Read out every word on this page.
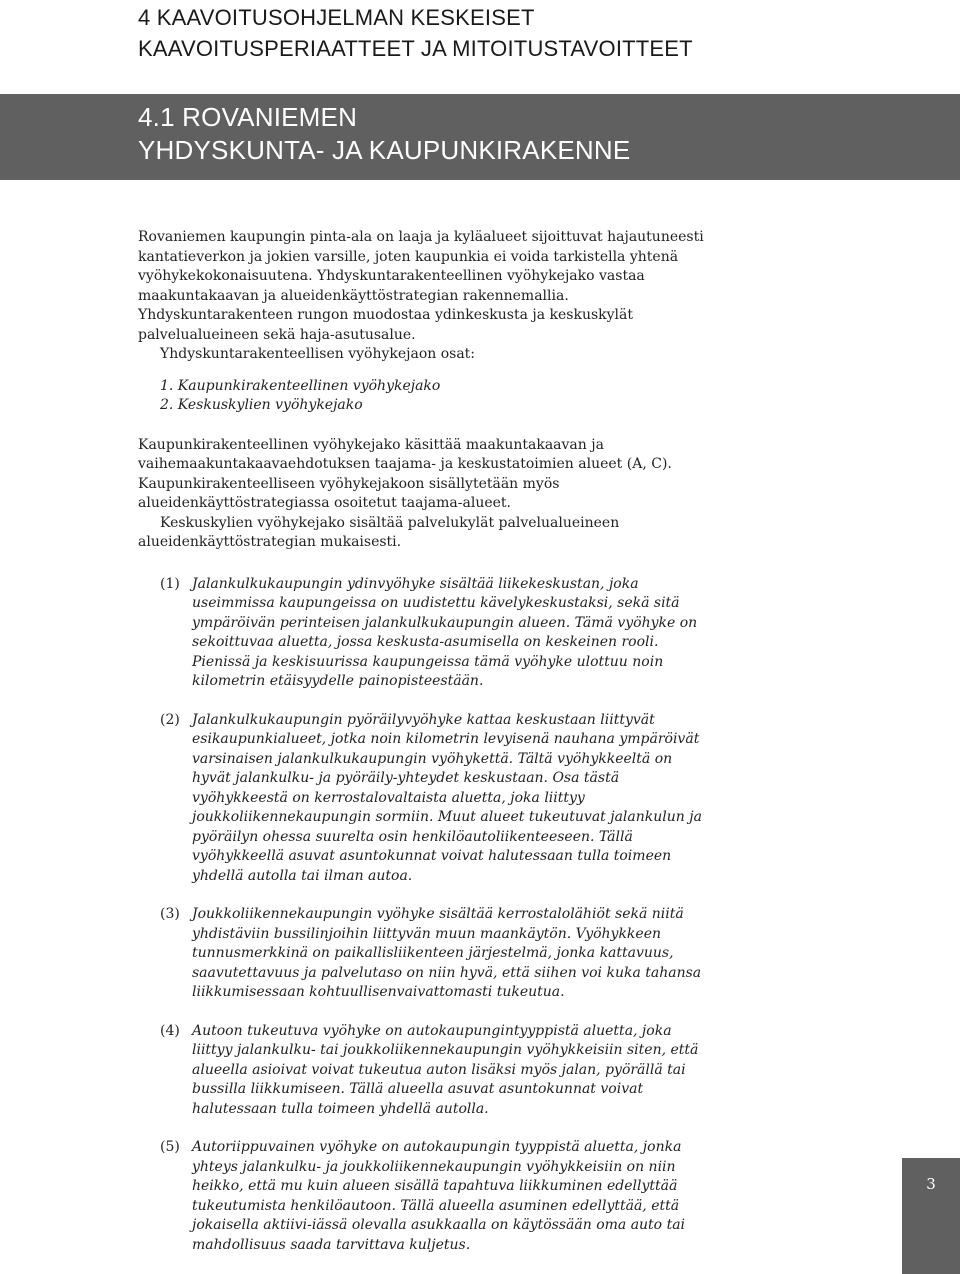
4 KAAVOITUSOHJELMAN KESKEISET
KAAVOITUSPERIAATTEET JA MITOITUSTAVOITTEET
4.1 ROVANIEMEN
YHDYSKUNTA- JA KAUPUNKIRAKENNE

Rovaniemen kaupungin pinta-ala on laaja ja kyläalueet sijoittuvat hajautuneesti kantatieverkon ja jokien varsille, joten kaupunkia ei voida tarkistella yhtenä vyöhykekokonaisuutena. Yhdyskuntarakenteellinen vyöhykejako vastaa maakuntakaavan ja alueidenkäyttöstrategian rakennemallia. Yhdyskuntarakenteen rungon muodostaa ydinkeskusta ja keskuskylät palvelualueineen sekä haja-asutusalue.

Yhdyskuntarakenteellisen vyöhykejaon osat:

1. Kaupunkirakenteellinen vyöhykejako
2. Keskuskylien vyöhykejako

Kaupunkirakenteellinen vyöhykejako käsittää maakuntakaavan ja vaihemaakuntakaavaehdotuksen taajama- ja keskustatoimien alueet (A, C). Kaupunkirakenteelliseen vyöhykejakoon sisällytetään myös alueidenkäyttöstrategiassa osoitetut taajama-alueet.

Keskuskylien vyöhykejako sisältää palvelukylät palvelualueineen alueidenkäyttöstrategian mukaisesti.

(1) Jalankulkukaupungin ydinvyöhyke sisältää liikekeskustan, joka useimmissa kaupungeissa on uudistettu kävelykeskustaksi, sekä sitä ympäröivän perinteisen jalankulkukaupungin alueen. Tämä vyöhyke on sekoittuvaa aluetta, jossa keskusta-asumisella on keskeinen rooli. Pienissä ja keskisuurissa kaupungeissa tämä vyöhyke ulottuu noin kilometrin etäisyydelle painopisteestään.
(2) Jalankulkukaupungin pyöräilyvyöhyke kattaa keskustaan liittyvät esikaupunkialueet, jotka noin kilometrin levyisenä nauhana ympäröivät varsinaisen jalankulkukaupungin vyöhykettä. Tältä vyöhykkeeltä on hyvät jalankulku- ja pyöräily-yhteydet keskustaan. Osa tästä vyöhykkeestä on kerrostalovaltaista aluetta, joka liittyy joukkoliikennekaupungin sormiin. Muut alueet tukeutuvat jalankulun ja pyöräilyn ohessa suurelta osin henkilöautoliikenteeseen. Tällä vyöhykkeellä asuvat asuntokunnat voivat halutessaan tulla toimeen yhdellä autolla tai ilman autoa.
(3) Joukkoliikennekaupungin vyöhyke sisältää kerrostalolähiöt sekä niitä yhdistäviin bussilinjoihin liittyvän muun maankäytön. Vyöhykkeen tunnusmerkkinä on paikallisliikenteen järjestelmä, jonka kattavuus, saavutettavuus ja palvelutaso on niin hyvä, että siihen voi kuka tahansa liikkumisessaan kohtuullisenvaivattomasti tukeutua.
(4) Autoon tukeutuva vyöhyke on autokaupungintyyppistä aluetta, joka liittyy jalankulku- tai joukkoliikennekaupungin vyöhykkeisiin siten, että alueella asioivat voivat tukeutua auton lisäksi myös jalan, pyörällä tai bussilla liikkumiseen. Tällä alueella asuvat asuntokunnat voivat halutessaan tulla toimeen yhdellä autolla.
(5) Autoriippuvainen vyöhyke on autokaupungin tyyppistä aluetta, jonka yhteys jalankulku- ja joukkoliikennekaupungin vyöhykkeisiin on niin heikko, että mu kuin alueen sisällä tapahtuva liikkuminen edellyttää tukeutumista henkilöautoon. Tällä alueella asuminen edellyttää, että jokaisella aktiivi-iässä olevalla asukkaalla on käytössään oma auto tai mahdollisuus saada tarvittava kuljetus.
3
